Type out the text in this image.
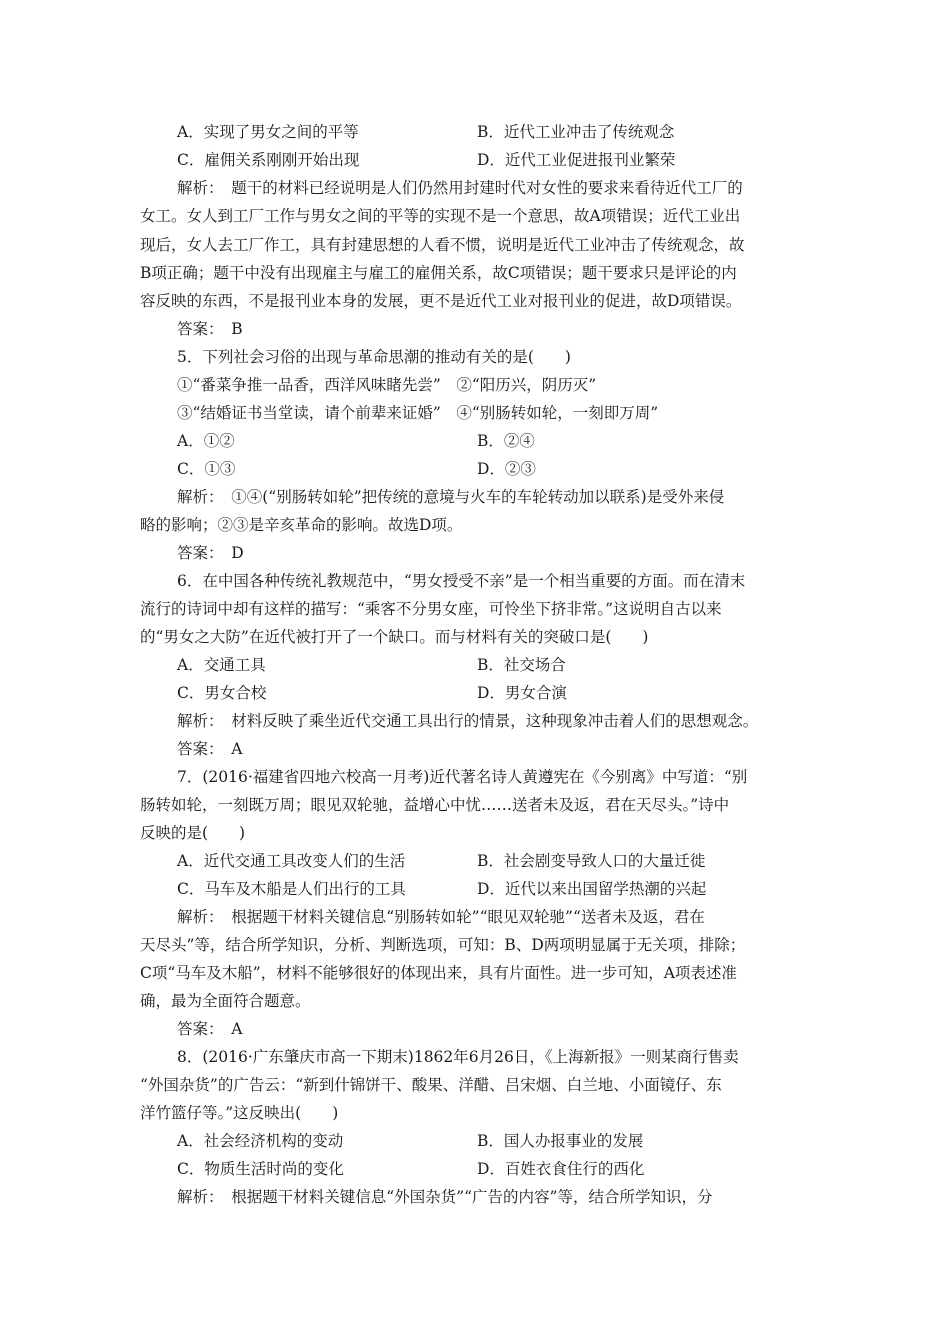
A．实现了男女之间的平等	B．近代工业冲击了传统观念
C．雇佣关系刚刚开始出现	D．近代工业促进报刊业繁荣
解析：　题干的材料已经说明是人们仍然用封建时代对女性的要求来看待近代工厂的
女工。女人到工厂工作与男女之间的平等的实现不是一个意思，故A项错误；近代工业出
现后，女人去工厂作工，具有封建思想的人看不惯，说明是近代工业冲击了传统观念，故
B项正确；题干中没有出现雇主与雇工的雇佣关系，故C项错误；题干要求只是评论的内
容反映的东西，不是报刊业本身的发展，更不是近代工业对报刊业的促进，故D项错误。
答案：　B
5．下列社会习俗的出现与革命思潮的推动有关的是(　　)
①“番菜争推一品香，西洋风味睹先尝”　②“阳历兴，阴历灭”
③“结婚证书当堂读，请个前辈来证婚”　④“别肠转如轮，一刻即万周”
A．①②	B．②④
C．①③	D．②③
解析：　①④(“别肠转如轮”把传统的意境与火车的车轮转动加以联系)是受外来侵
略的影响；②③是辛亥革命的影响。故选D项。
答案：　D
6．在中国各种传统礼教规范中，“男女授受不亲”是一个相当重要的方面。而在清末
流行的诗词中却有这样的描写：“乘客不分男女座，可怜坐下挤非常。”这说明自古以来
的“男女之大防”在近代被打开了一个缺口。而与材料有关的突破口是(　　)
A．交通工具	B．社交场合
C．男女合校	D．男女合演
解析：　材料反映了乘坐近代交通工具出行的情景，这种现象冲击着人们的思想观念。
答案：　A
7．(2016·福建省四地六校高一月考)近代著名诗人黄遵宪在《今别离》中写道：“别
肠转如轮，一刻既万周；眼见双轮驰，益增心中忧……送者未及返，君在天尽头。”诗中
反映的是(　　)
A．近代交通工具改变人们的生活	B．社会剧变导致人口的大量迁徙
C．马车及木船是人们出行的工具	D．近代以来出国留学热潮的兴起
解析：　根据题干材料关键信息“别肠转如轮”“眼见双轮驰”“送者未及返，君在
天尽头”等，结合所学知识，分析、判断选项，可知：B、D两项明显属于无关项，排除；
C项“马车及木船”，材料不能够很好的体现出来，具有片面性。进一步可知，A项表述准
确，最为全面符合题意。
答案：　A
8．(2016·广东肇庆市高一下期末)1862年6月26日，《上海新报》一则某商行售卖
“外国杂货”的广告云：“新到什锦饼干、酸果、洋醋、吕宋烟、白兰地、小面镜仔、东
洋竹篮仔等。”这反映出(　　)
A．社会经济机构的变动	B．国人办报事业的发展
C．物质生活时尚的变化	D．百姓衣食住行的西化
解析：　根据题干材料关键信息“外国杂货”“广告的内容”等，结合所学知识，分
